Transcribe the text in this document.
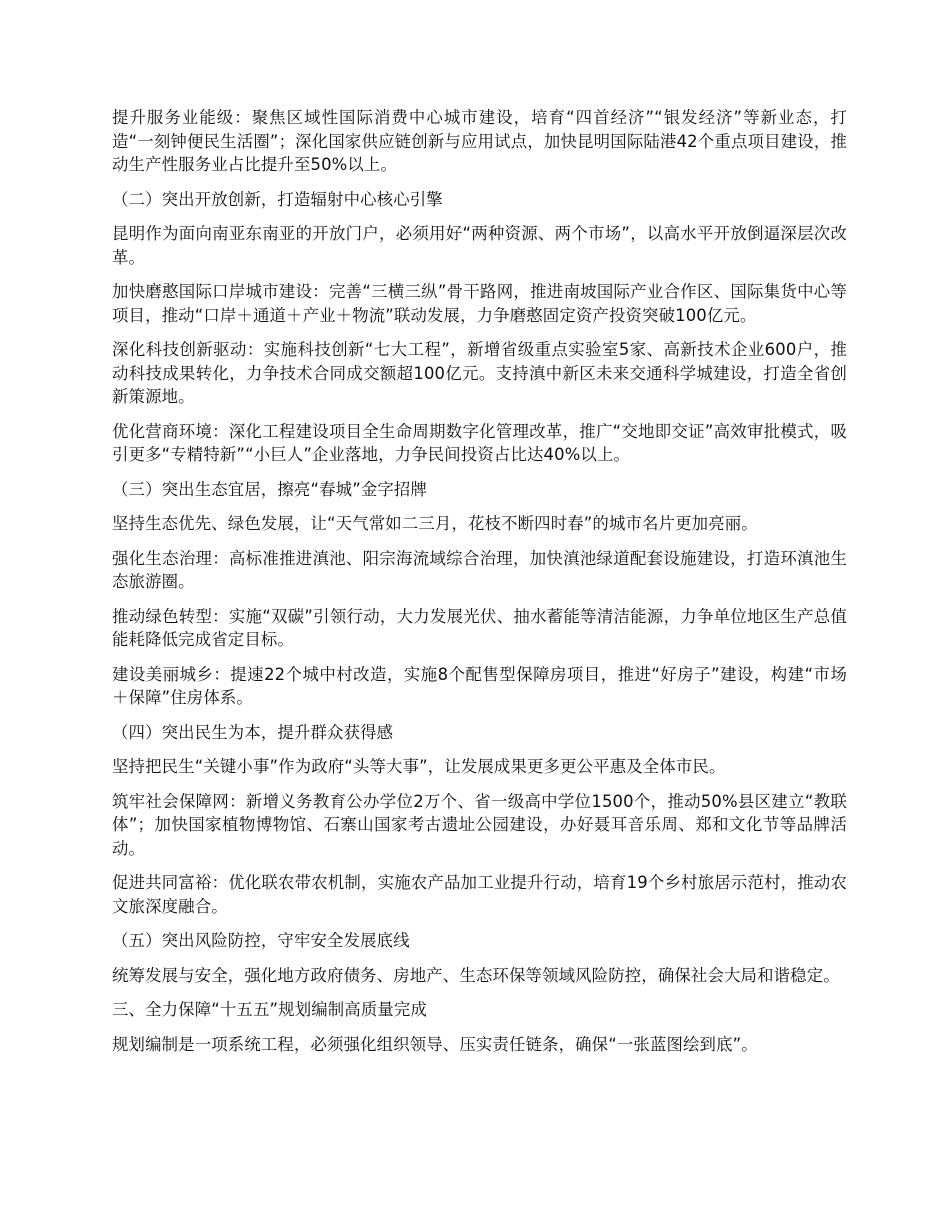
提升服务业能级：聚焦区域性国际消费中心城市建设，培育“四首经济”“银发经济”等新业态，打造“一刻钟便民生活圈”；深化国家供应链创新与应用试点，加快昆明国际陆港42个重点项目建设，推动生产性服务业占比提升至50%以上。

（二）突出开放创新，打造辐射中心核心引擎

昆明作为面向南亚东南亚的开放门户，必须用好“两种资源、两个市场”，以高水平开放倒逼深层次改革。

加快磨憨国际口岸城市建设：完善“三横三纵”骨干路网，推进南坡国际产业合作区、国际集货中心等项目，推动“口岸＋通道＋产业＋物流”联动发展，力争磨憨固定资产投资突破100亿元。

深化科技创新驱动：实施科技创新“七大工程”，新增省级重点实验室5家、高新技术企业600户，推动科技成果转化，力争技术合同成交额超100亿元。支持滇中新区未来交通科学城建设，打造全省创新策源地。

优化营商环境：深化工程建设项目全生命周期数字化管理改革，推广“交地即交证”高效审批模式，吸引更多“专精特新”“小巨人”企业落地，力争民间投资占比达40%以上。

（三）突出生态宜居，擦亮“春城”金字招牌

坚持生态优先、绿色发展，让“天气常如二三月，花枝不断四时春”的城市名片更加亮丽。

强化生态治理：高标准推进滇池、阳宗海流域综合治理，加快滇池绿道配套设施建设，打造环滇池生态旅游圈。

推动绿色转型：实施“双碳”引领行动，大力发展光伏、抽水蓄能等清洁能源，力争单位地区生产总值能耗降低完成省定目标。

建设美丽城乡：提速22个城中村改造，实施8个配售型保障房项目，推进“好房子”建设，构建“市场＋保障”住房体系。

（四）突出民生为本，提升群众获得感

坚持把民生“关键小事”作为政府“头等大事”，让发展成果更多更公平惠及全体市民。

筑牢社会保障网：新增义务教育公办学位2万个、省一级高中学位1500个，推动50%县区建立“教联体”；加快国家植物博物馆、石寨山国家考古遗址公园建设，办好聂耳音乐周、郑和文化节等品牌活动。

促进共同富裕：优化联农带农机制，实施农产品加工业提升行动，培育19个乡村旅居示范村，推动农文旅深度融合。

（五）突出风险防控，守牢安全发展底线

统筹发展与安全，强化地方政府债务、房地产、生态环保等领域风险防控，确保社会大局和谐稳定。

三、全力保障“十五五”规划编制高质量完成

规划编制是一项系统工程，必须强化组织领导、压实责任链条，确保“一张蓝图绘到底”。
